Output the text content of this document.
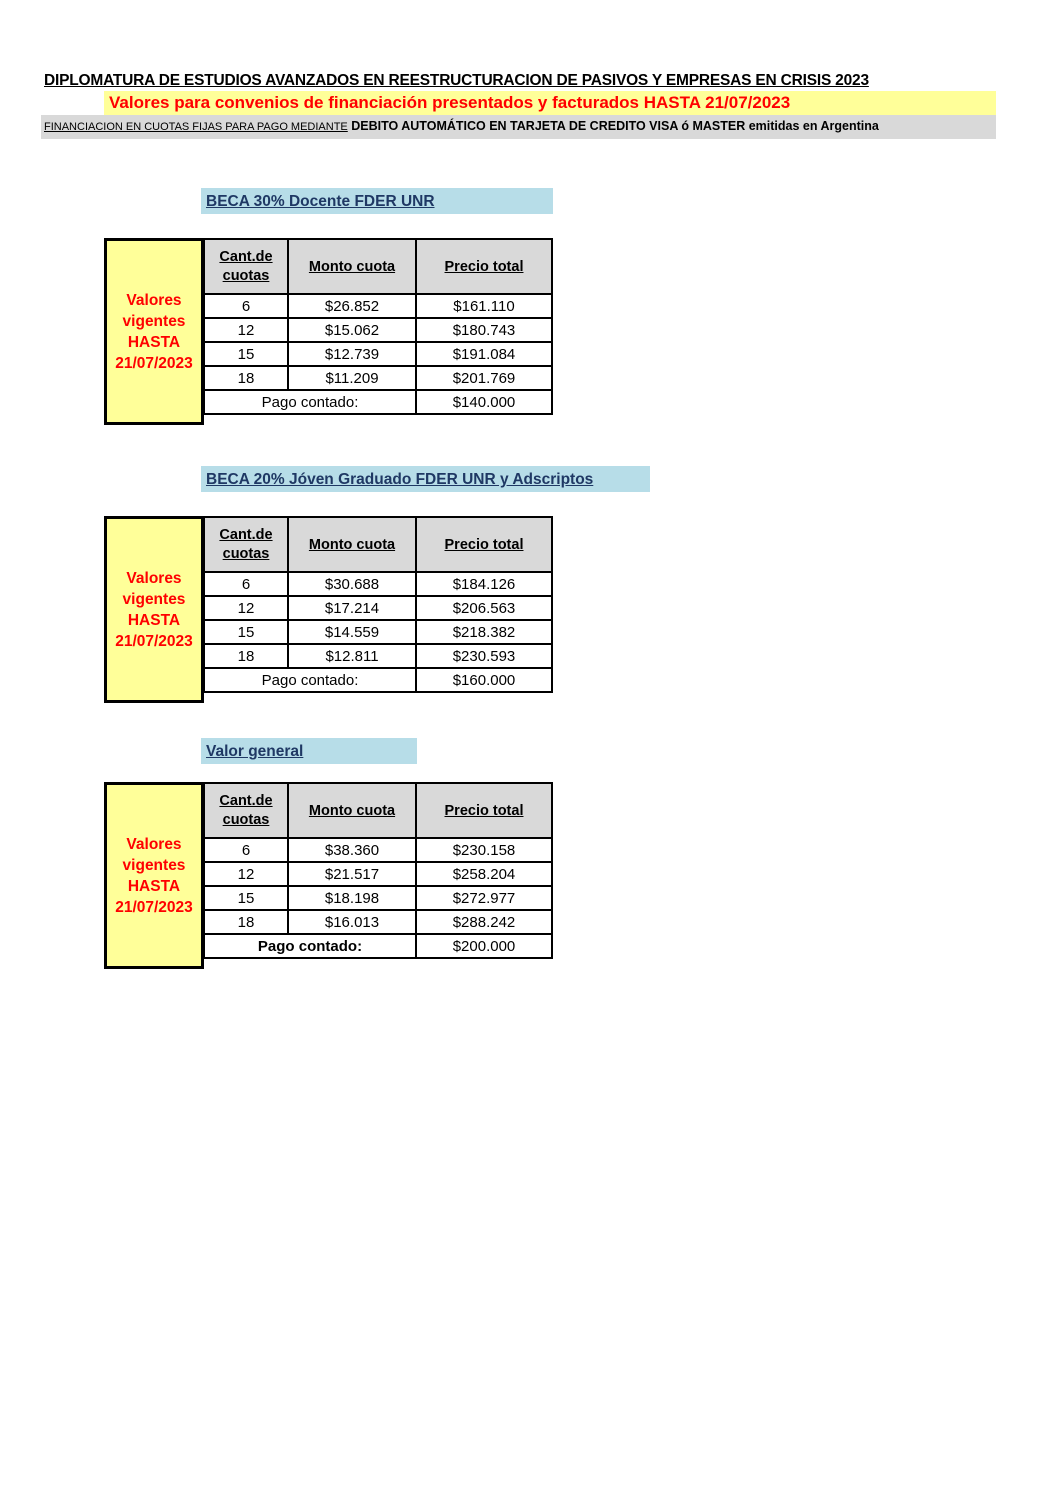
DIPLOMATURA DE ESTUDIOS AVANZADOS EN REESTRUCTURACION DE PASIVOS Y EMPRESAS EN CRISIS 2023
Valores para convenios de financiación presentados y facturados HASTA 21/07/2023
FINANCIACION EN CUOTAS FIJAS PARA PAGO MEDIANTE DEBITO AUTOMÁTICO EN TARJETA DE CREDITO VISA ó MASTER emitidas en Argentina
BECA 30% Docente FDER UNR
Valores
vigentes
HASTA
21/07/2023
Cant.de cuotas	Monto cuota	Precio total
6	$26.852	$161.110
12	$15.062	$180.743
15	$12.739	$191.084
18	$11.209	$201.769
Pago contado:		$140.000
BECA 20% Jóven Graduado FDER UNR y Adscriptos
Valores
vigentes
HASTA
21/07/2023
Cant.de cuotas	Monto cuota	Precio total
6	$30.688	$184.126
12	$17.214	$206.563
15	$14.559	$218.382
18	$12.811	$230.593
Pago contado:		$160.000
Valor general
Valores
vigentes
HASTA
21/07/2023
Cant.de cuotas	Monto cuota	Precio total
6	$38.360	$230.158
12	$21.517	$258.204
15	$18.198	$272.977
18	$16.013	$288.242
Pago contado:		$200.000
